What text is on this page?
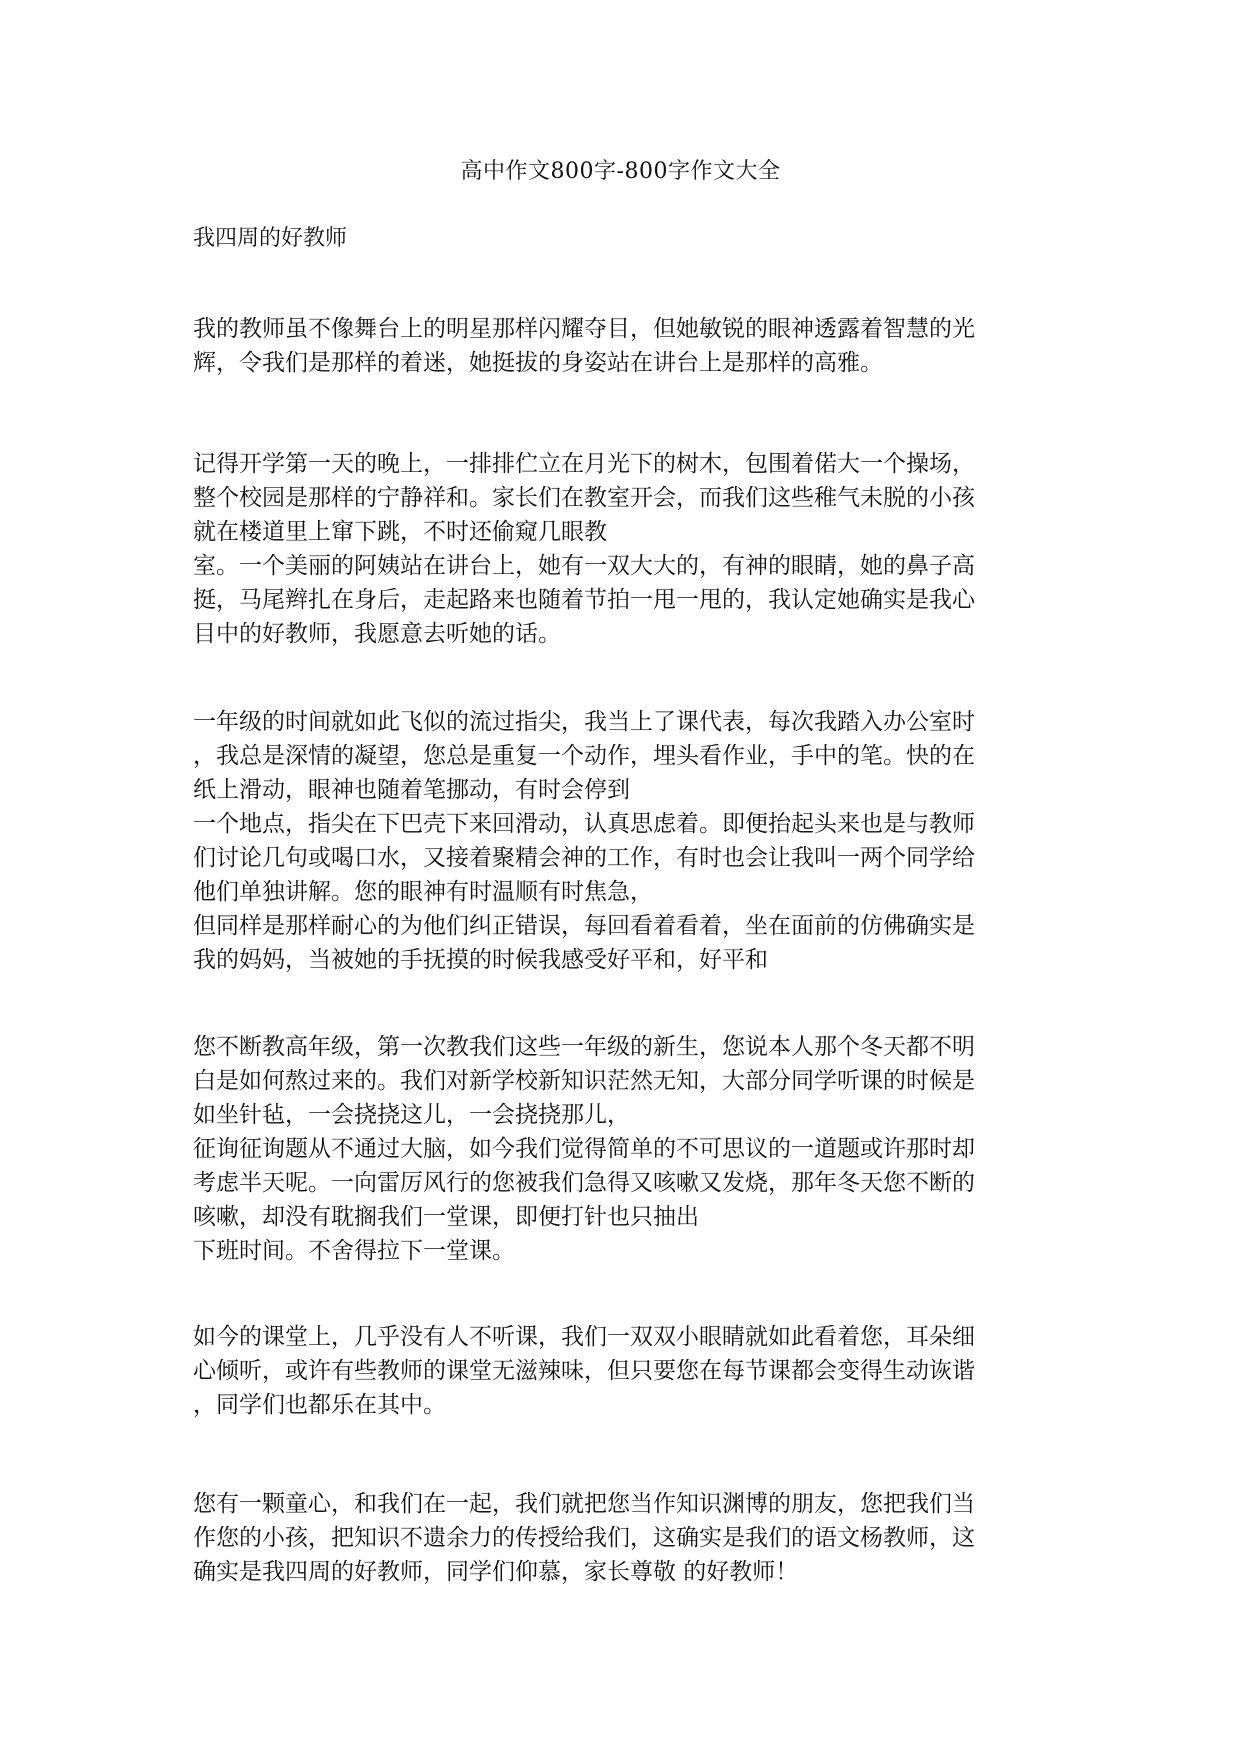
高中作文800字-800字作文大全
我四周的好教师
我的教师虽不像舞台上的明星那样闪耀夺目，但她敏锐的眼神透露着智慧的光
辉，令我们是那样的着迷，她挺拔的身姿站在讲台上是那样的高雅。
记得开学第一天的晚上，一排排伫立在月光下的树木，包围着偌大一个操场，
整个校园是那样的宁静祥和。家长们在教室开会，而我们这些稚气未脱的小孩
就在楼道里上窜下跳，不时还偷窥几眼教
室。一个美丽的阿姨站在讲台上，她有一双大大的，有神的眼睛，她的鼻子高
挺，马尾辫扎在身后，走起路来也随着节拍一甩一甩的，我认定她确实是我心
目中的好教师，我愿意去听她的话。
一年级的时间就如此飞似的流过指尖，我当上了课代表，每次我踏入办公室时
，我总是深情的凝望，您总是重复一个动作，埋头看作业，手中的笔。快的在
纸上滑动，眼神也随着笔挪动，有时会停到
一个地点，指尖在下巴壳下来回滑动，认真思虑着。即便抬起头来也是与教师
们讨论几句或喝口水，又接着聚精会神的工作，有时也会让我叫一两个同学给
他们单独讲解。您的眼神有时温顺有时焦急，
但同样是那样耐心的为他们纠正错误，每回看着看着，坐在面前的仿佛确实是
我的妈妈，当被她的手抚摸的时候我感受好平和，好平和
您不断教高年级，第一次教我们这些一年级的新生，您说本人那个冬天都不明
白是如何熬过来的。我们对新学校新知识茫然无知，大部分同学听课的时候是
如坐针毡，一会挠挠这儿，一会挠挠那儿，
征询征询题从不通过大脑，如今我们觉得简单的不可思议的一道题或许那时却
考虑半天呢。一向雷厉风行的您被我们急得又咳嗽又发烧，那年冬天您不断的
咳嗽，却没有耽搁我们一堂课，即便打针也只抽出
下班时间。不舍得拉下一堂课。
如今的课堂上，几乎没有人不听课，我们一双双小眼睛就如此看着您，耳朵细
心倾听，或许有些教师的课堂无滋辣味，但只要您在每节课都会变得生动诙谐
，同学们也都乐在其中。
您有一颗童心，和我们在一起，我们就把您当作知识渊博的朋友，您把我们当
作您的小孩，把知识不遗余力的传授给我们，这确实是我们的语文杨教师，这
确实是我四周的好教师，同学们仰慕，家长尊敬 的好教师！
